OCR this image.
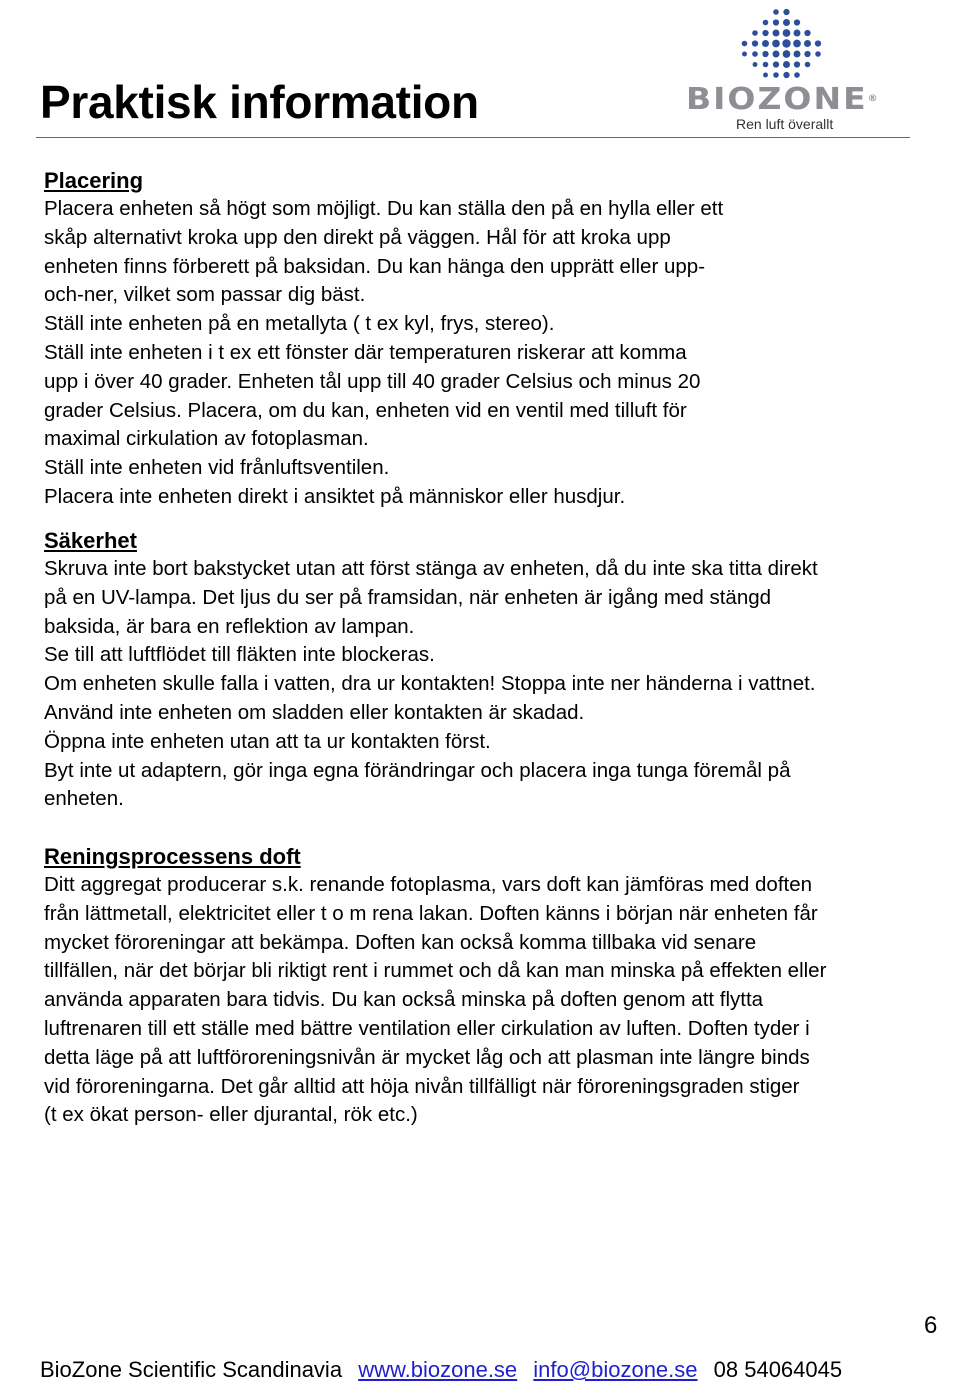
Praktisk information	BIOZONE®
Ren luft överallt
Placering
Placera enheten så högt som möjligt. Du kan ställa den på en hylla eller ett
skåp alternativt kroka upp den direkt på väggen. Hål för att kroka upp
enheten finns förberett på baksidan. Du kan hänga den upprätt eller upp-
och-ner, vilket som passar dig bäst.
Ställ inte enheten på en metallyta ( t ex kyl, frys, stereo).
Ställ inte enheten i t ex ett fönster där temperaturen riskerar att komma
upp i över 40 grader. Enheten tål upp till 40 grader Celsius och minus 20
grader Celsius. Placera, om du kan, enheten vid en ventil med tilluft för
maximal cirkulation av fotoplasman.
Ställ inte enheten vid frånluftsventilen.
Placera inte enheten direkt i ansiktet på människor eller husdjur.
Säkerhet
Skruva inte bort bakstycket utan att först stänga av enheten, då du inte ska titta direkt
på en UV-lampa. Det ljus du ser på framsidan, när enheten är igång med stängd
baksida, är bara en reflektion av lampan.
Se till att luftflödet till fläkten inte blockeras.
Om enheten skulle falla i vatten, dra ur kontakten! Stoppa inte ner händerna i vattnet.
Använd inte enheten om sladden eller kontakten är skadad.
Öppna inte enheten utan att ta ur kontakten först.
Byt inte ut adaptern, gör inga egna förändringar och placera inga tunga föremål på
enheten.
Reningsprocessens doft
Ditt aggregat producerar s.k. renande fotoplasma, vars doft kan jämföras med doften
från lättmetall, elektricitet eller t o m rena lakan. Doften känns i början när enheten får
mycket föroreningar att bekämpa. Doften kan också komma tillbaka vid senare
tillfällen, när det börjar bli riktigt rent i rummet och då kan man minska på effekten eller
använda apparaten bara tidvis. Du kan också minska på doften genom att flytta
luftrenaren till ett ställe med bättre ventilation eller cirkulation av luften. Doften tyder i
detta läge på att luftföroreningsnivån är mycket låg och att plasman inte längre binds
vid föroreningarna. Det går alltid att höja nivån tillfälligt när föroreningsgraden stiger
(t ex ökat person- eller djurantal, rök etc.)
6
BioZone Scientific Scandinavia www.biozone.se info@biozone.se 08 54064045
